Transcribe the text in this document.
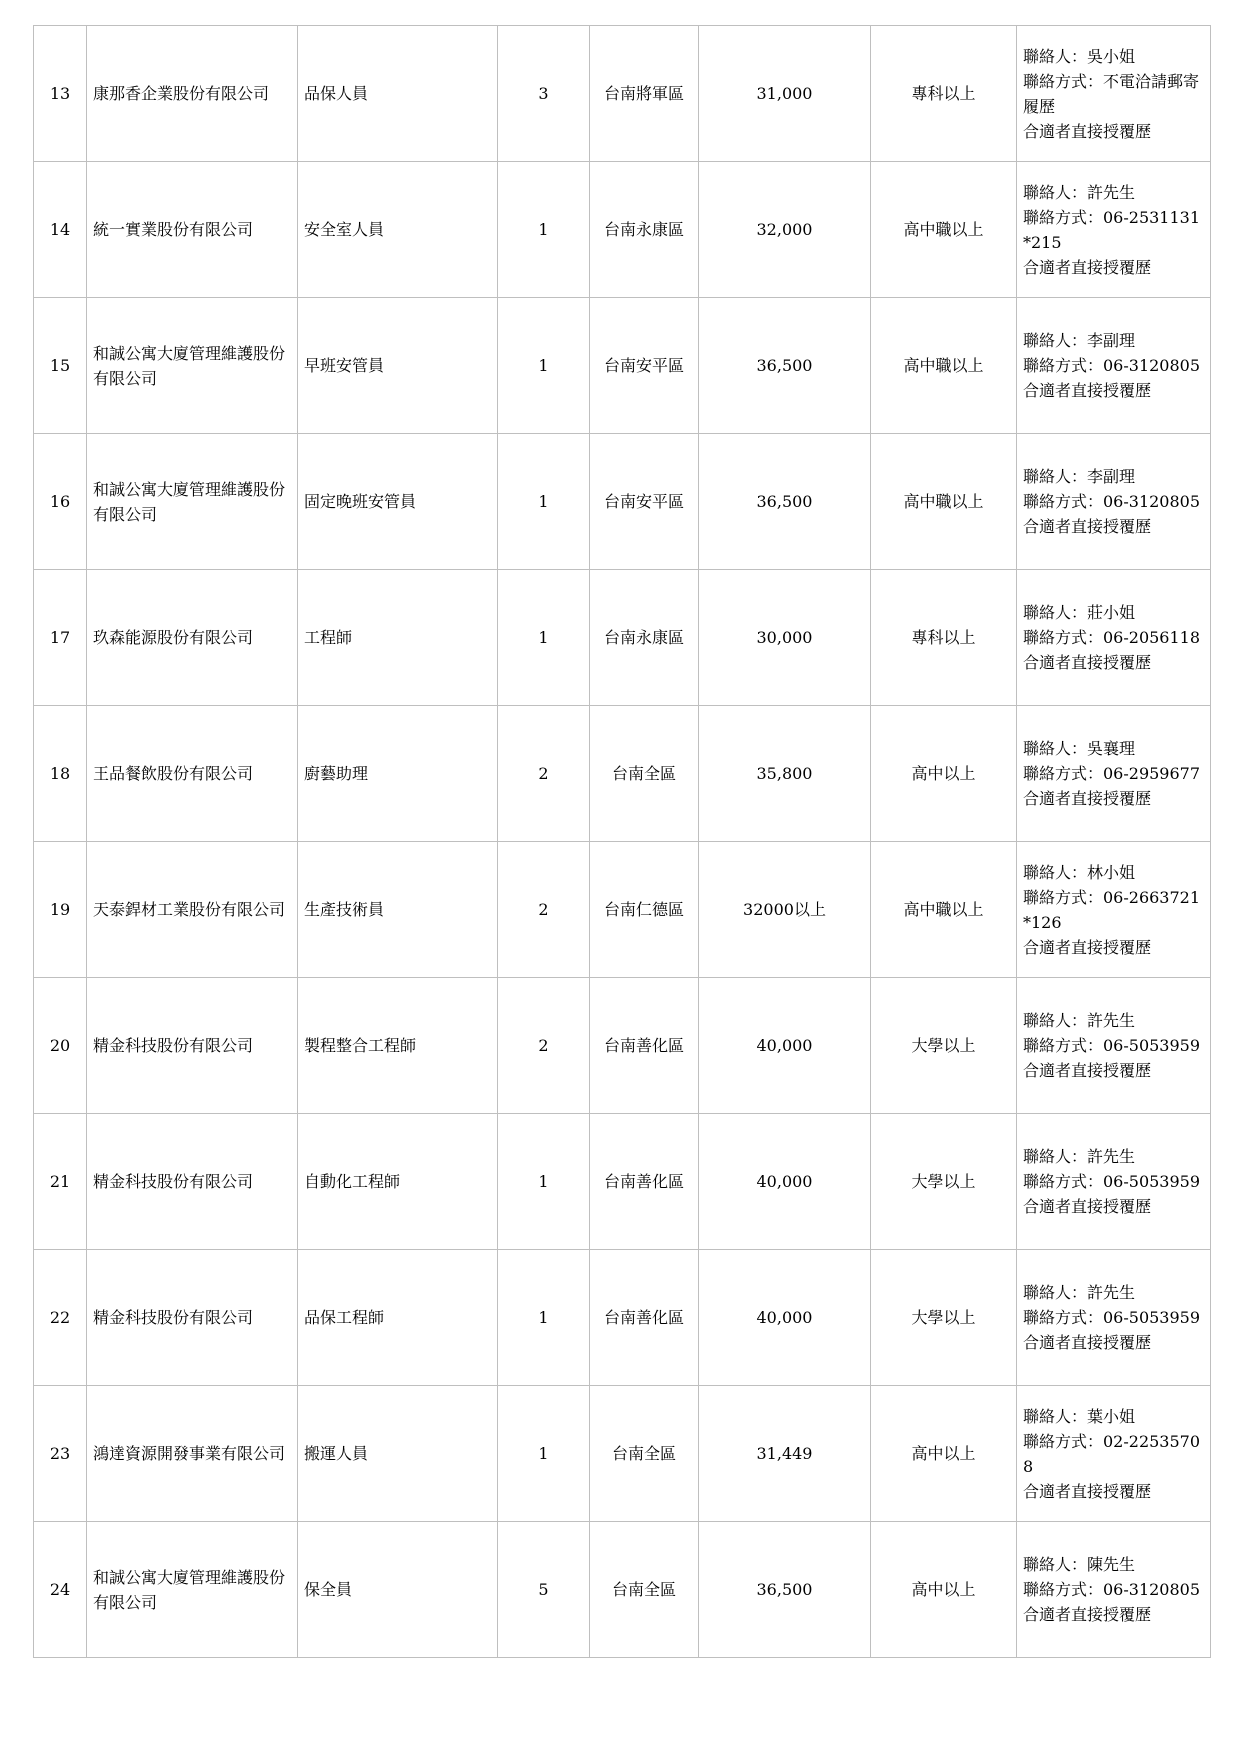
13	康那香企業股份有限公司	品保人員	3	台南將軍區	31,000	專科以上	聯絡人：吳小姐
聯絡方式：不電洽請郵寄履歷
合適者直接授覆歷

14	統一實業股份有限公司	安全室人員	1	台南永康區	32,000	高中職以上	聯絡人：許先生
聯絡方式：06-2531131*215
合適者直接授覆歷

15	和誠公寓大廈管理維護股份有限公司	早班安管員	1	台南安平區	36,500	高中職以上	聯絡人：李副理
聯絡方式：06-3120805
合適者直接授覆歷

16	和誠公寓大廈管理維護股份有限公司	固定晚班安管員	1	台南安平區	36,500	高中職以上	聯絡人：李副理
聯絡方式：06-3120805
合適者直接授覆歷

17	玖森能源股份有限公司	工程師	1	台南永康區	30,000	專科以上	聯絡人：莊小姐
聯絡方式：06-2056118
合適者直接授覆歷

18	王品餐飲股份有限公司	廚藝助理	2	台南全區	35,800	高中以上	聯絡人：吳襄理
聯絡方式：06-2959677
合適者直接授覆歷

19	天泰銲材工業股份有限公司	生產技術員	2	台南仁德區	32000以上	高中職以上	聯絡人：林小姐
聯絡方式：06-2663721*126
合適者直接授覆歷

20	精金科技股份有限公司	製程整合工程師	2	台南善化區	40,000	大學以上	聯絡人：許先生
聯絡方式：06-5053959
合適者直接授覆歷

21	精金科技股份有限公司	自動化工程師	1	台南善化區	40,000	大學以上	聯絡人：許先生
聯絡方式：06-5053959
合適者直接授覆歷

22	精金科技股份有限公司	品保工程師	1	台南善化區	40,000	大學以上	聯絡人：許先生
聯絡方式：06-5053959
合適者直接授覆歷

23	鴻達資源開發事業有限公司	搬運人員	1	台南全區	31,449	高中以上	聯絡人：葉小姐
聯絡方式：02-22535708
合適者直接授覆歷

24	和誠公寓大廈管理維護股份有限公司	保全員	5	台南全區	36,500	高中以上	聯絡人：陳先生
聯絡方式：06-3120805
合適者直接授覆歷
